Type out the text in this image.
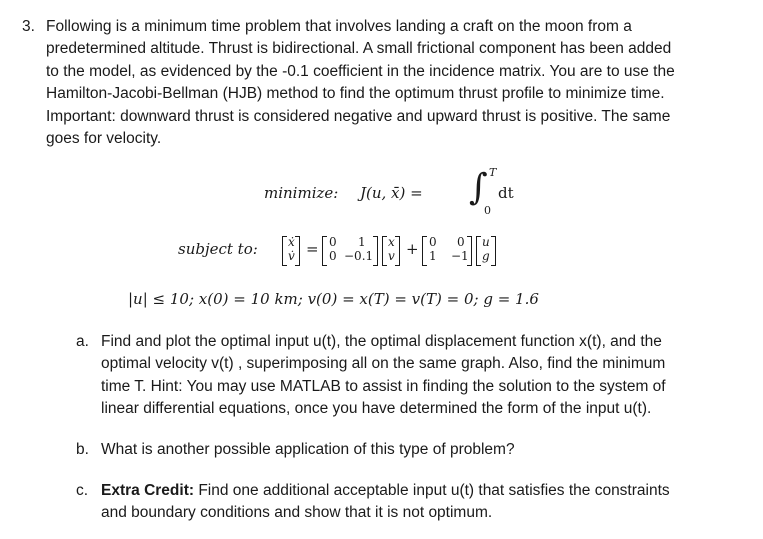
3. Following is a minimum time problem that involves landing a craft on the moon from a
predetermined altitude. Thrust is bidirectional. A small frictional component has been added
to the model, as evidenced by the -0.1 coefficient in the incidence matrix. You are to use the
Hamilton-Jacobi-Bellman (HJB) method to find the optimum thrust profile to minimize time.
Important: downward thrust is considered negative and upward thrust is positive. The same
goes for velocity.
minimize: J(u, x̄) = ∫ T
0
dt
subject to:	ẋ
v̇ = 0 1
0 −0.1
x
v + 0 0
1 −1
u
g
|u| ≤ 10; x(0) = 10 km; v(0) = x(T) = v(T) = 0; g = 1.6
a. Find and plot the optimal input u(t), the optimal displacement function x(t), and the
optimal velocity v(t) , superimposing all on the same graph. Also, find the minimum
time T. Hint: You may use MATLAB to assist in finding the solution to the system of
linear differential equations, once you have determined the form of the input u(t).
b. What is another possible application of this type of problem?
c. Extra Credit: Find one additional acceptable input u(t) that satisfies the constraints
and boundary conditions and show that it is not optimum.
